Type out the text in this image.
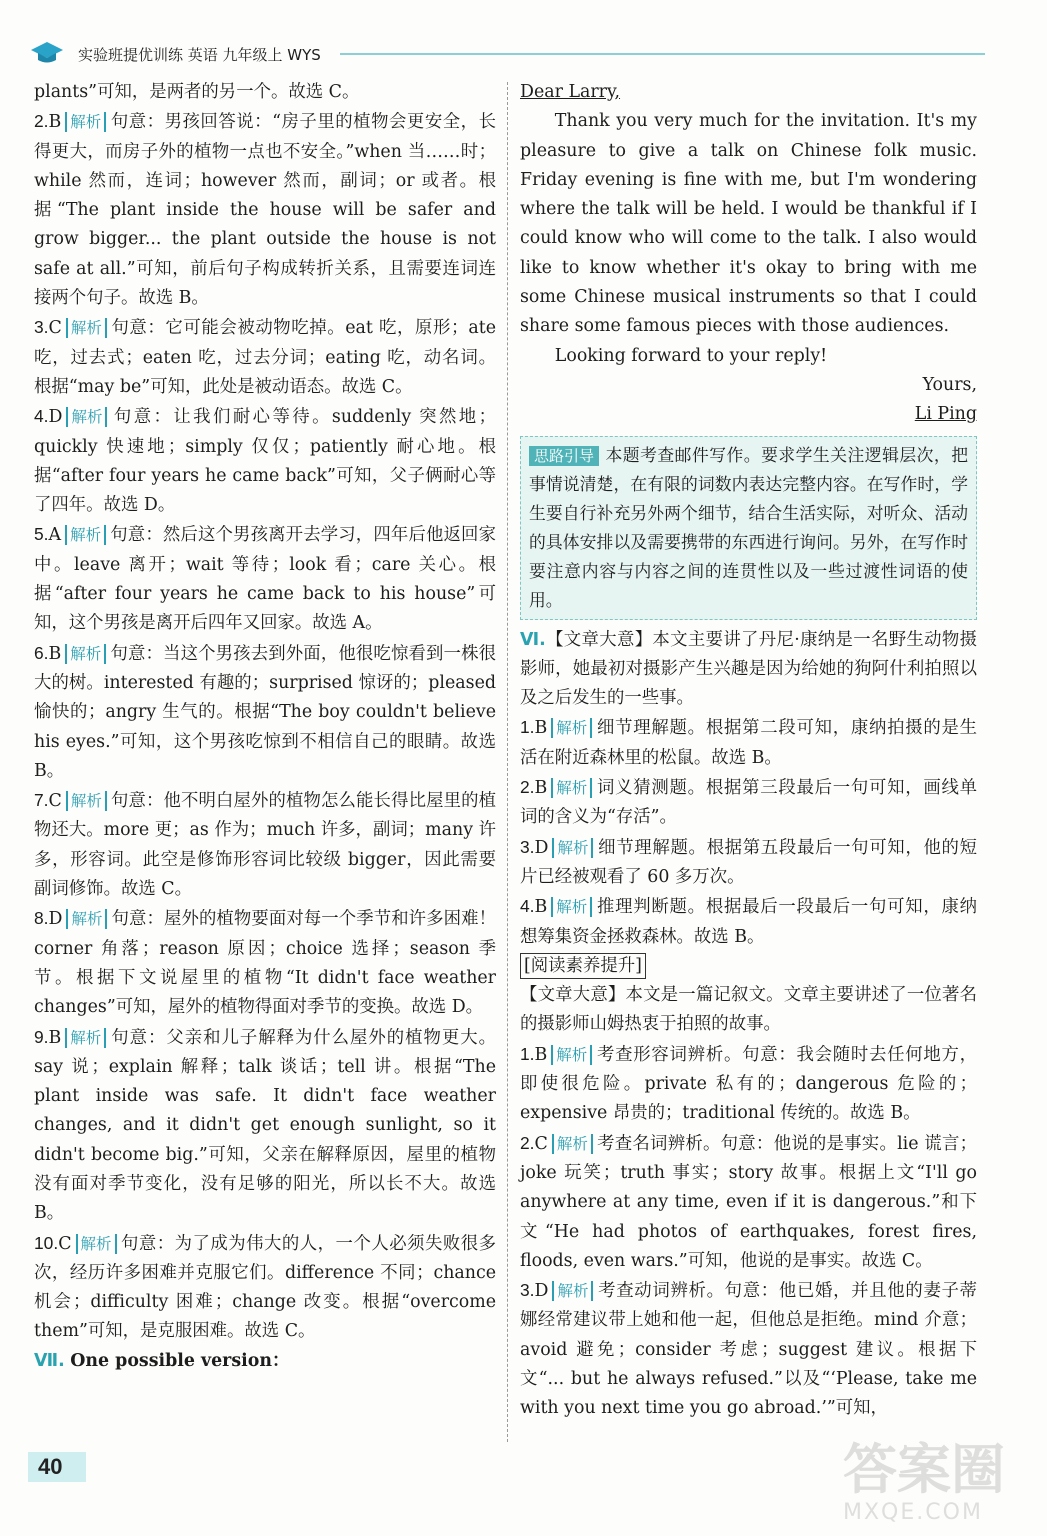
实验班提优训练 英语 九年级上 WYS

plants”可知，是两者的另一个。故选 C。

2.B 解析 句意：男孩回答说：“房子里的植物会更安全，长得更大，而房子外的植物一点也不安全。”when 当……时；while 然而，连词；however 然而，副词；or 或者。根据“The plant inside the house will be safer and grow bigger... the plant outside the house is not safe at all.”可知，前后句子构成转折关系，且需要连词连接两个句子。故选 B。

3.C 解析 句意：它可能会被动物吃掉。eat 吃，原形；ate 吃，过去式；eaten 吃，过去分词；eating 吃，动名词。根据“may be”可知，此处是被动语态。故选 C。

4.D 解析 句意：让我们耐心等待。suddenly 突然地；quickly 快速地；simply 仅仅；patiently 耐心地。根据“after four years he came back”可知，父子俩耐心等了四年。故选 D。

5.A 解析 句意：然后这个男孩离开去学习，四年后他返回家中。leave 离开；wait 等待；look 看；care 关心。根据“after four years he came back to his house”可知，这个男孩是离开后四年又回家。故选 A。

6.B 解析 句意：当这个男孩去到外面，他很吃惊看到一株很大的树。interested 有趣的；surprised 惊讶的；pleased 愉快的；angry 生气的。根据“The boy couldn't believe his eyes.”可知，这个男孩吃惊到不相信自己的眼睛。故选 B。

7.C 解析 句意：他不明白屋外的植物怎么能长得比屋里的植物还大。more 更；as 作为；much 许多，副词；many 许多，形容词。此空是修饰形容词比较级 bigger，因此需要副词修饰。故选 C。

8.D 解析 句意：屋外的植物要面对每一个季节和许多困难！corner 角落；reason 原因；choice 选择；season 季节。根据下文说屋里的植物“It didn't face weather changes”可知，屋外的植物得面对季节的变换。故选 D。

9.B 解析 句意：父亲和儿子解释为什么屋外的植物更大。say 说；explain 解释；talk 谈话；tell 讲。根据“The plant inside was safe. It didn't face weather changes, and it didn't get enough sunlight, so it didn't become big.”可知，父亲在解释原因，屋里的植物没有面对季节变化，没有足够的阳光，所以长不大。故选 B。

10.C 解析 句意：为了成为伟大的人，一个人必须失败很多次，经历许多困难并克服它们。difference 不同；chance 机会；difficulty 困难；change 改变。根据“overcome them”可知，是克服困难。故选 C。

Ⅶ. One possible version：

Dear Larry,

Thank you very much for the invitation. It's my pleasure to give a talk on Chinese folk music. Friday evening is fine with me, but I'm wondering where the talk will be held. I would be thankful if I could know who will come to the talk. I also would like to know whether it's okay to bring with me some Chinese musical instruments so that I could share some famous pieces with those audiences.

Looking forward to your reply!

Yours,

Li Ping

思路引导 本题考查邮件写作。要求学生关注逻辑层次，把事情说清楚，在有限的词数内表达完整内容。在写作时，学生要自行补充另外两个细节，结合生活实际，对听众、活动的具体安排以及需要携带的东西进行询问。另外，在写作时要注意内容与内容之间的连贯性以及一些过渡性词语的使用。

Ⅵ.【文章大意】本文主要讲了丹尼·康纳是一名野生动物摄影师，她最初对摄影产生兴趣是因为给她的狗阿什利拍照以及之后发生的一些事。

1.B 解析 细节理解题。根据第二段可知，康纳拍摄的是生活在附近森林里的松鼠。故选 B。

2.B 解析 词义猜测题。根据第三段最后一句可知，画线单词的含义为“存活”。

3.D 解析 细节理解题。根据第五段最后一句可知，他的短片已经被观看了 60 多万次。

4.B 解析 推理判断题。根据最后一段最后一句可知，康纳想筹集资金拯救森林。故选 B。

[阅读素养提升]

【文章大意】本文是一篇记叙文。文章主要讲述了一位著名的摄影师山姆热衷于拍照的故事。

1.B 解析 考查形容词辨析。句意：我会随时去任何地方，即使很危险。private 私有的；dangerous 危险的；expensive 昂贵的；traditional 传统的。故选 B。

2.C 解析 考查名词辨析。句意：他说的是事实。lie 谎言；joke 玩笑；truth 事实；story 故事。根据上文“I'll go anywhere at any time, even if it is dangerous.”和下文“He had photos of earthquakes, forest fires, floods, even wars.”可知，他说的是事实。故选 C。

3.D 解析 考查动词辨析。句意：他已婚，并且他的妻子蒂娜经常建议带上她和他一起，但他总是拒绝。mind 介意；avoid 避免；consider 考虑；suggest 建议。根据下文“... but he always refused.”以及“‘Please, take me with you next time you go abroad.’”可知，

40	答案圈
MXQE.COM
